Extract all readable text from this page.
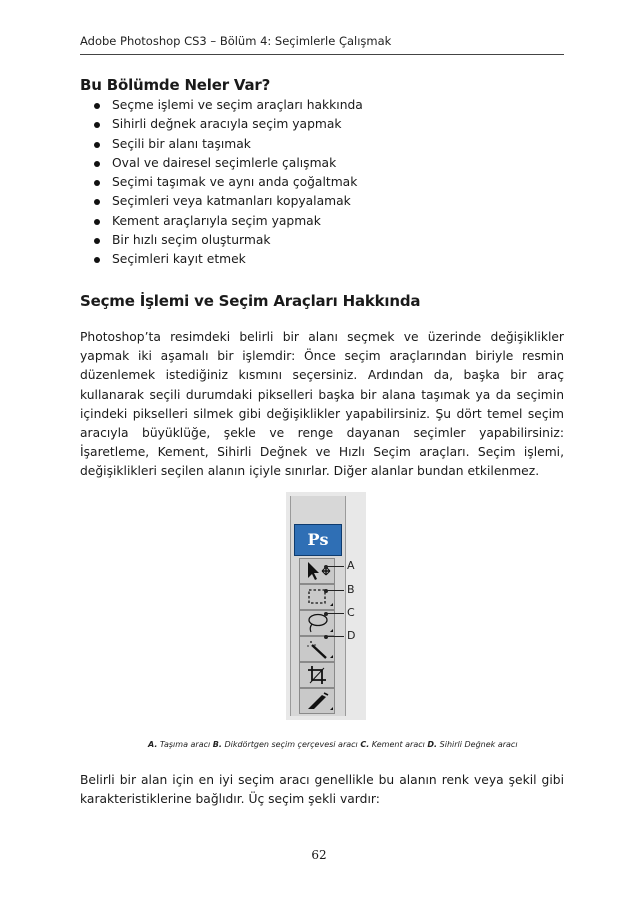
Adobe Photoshop CS3 – Bölüm 4: Seçimlerle Çalışmak
Bu Bölümde Neler Var?
Seçme işlemi ve seçim araçları hakkında
Sihirli değnek aracıyla seçim yapmak
Seçili bir alanı taşımak
Oval ve dairesel seçimlerle çalışmak
Seçimi taşımak ve aynı anda çoğaltmak
Seçimleri veya katmanları kopyalamak
Kement araçlarıyla seçim yapmak
Bir hızlı seçim oluşturmak
Seçimleri kayıt etmek
Seçme İşlemi ve Seçim Araçları Hakkında

Photoshop’ta resimdeki belirli bir alanı seçmek ve üzerinde değişiklikler yapmak iki aşamalı bir işlemdir: Önce seçim araçlarından biriyle resmin düzenlemek istediğiniz kısmını seçersiniz. Ardından da, başka bir araç kullanarak seçili durumdaki pikselleri başka bir alana taşımak ya da seçimin içindeki pikselleri silmek gibi değişiklikler yapabilirsiniz. Şu dört temel seçim aracıyla büyüklüğe, şekle ve renge dayanan seçimler yapabilirsiniz: İşaretleme, Kement, Sihirli Değnek ve Hızlı Seçim araçları. Seçim işlemi, değişiklikleri seçilen alanın içiyle sınırlar. Diğer alanlar bundan etkilenmez.

Ps
A
B
C
D
A. Taşıma aracı B. Dikdörtgen seçim çerçevesi aracı C. Kement aracı D. Sihirli Değnek aracı

Belirli bir alan için en iyi seçim aracı genellikle bu alanın renk veya şekil gibi karakteristiklerine bağlıdır. Üç seçim şekli vardır:

62
